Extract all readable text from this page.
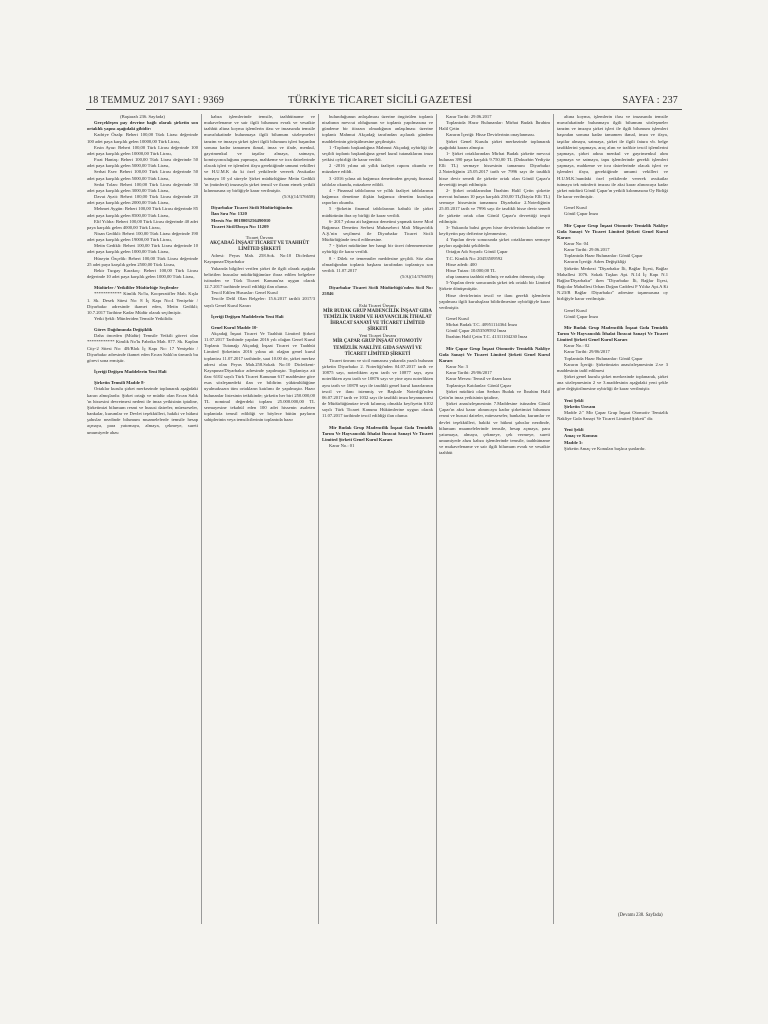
18 TEMMUZ 2017 SAYI : 9369	TÜRKİYE TİCARET SİCİLİ GAZETESİ	SAYFA : 237

(Baştarafı 236. Sayfada)

Gerçekleşen pay devrine bağlı olarak şirketin son ortaklık yapısı aşağıdaki gibidir:

Kadriye Özalp: Beheri 100,00 Türk Lirası değerinde 100 adet paya karşılık gelen 10000,00 Türk Lirası,

Ersin Ayaz: Beheri 100,00 Türk Lirası değerinde 100 adet paya karşılık gelen 10000,00 Türk Lirası,

Fırat Hantaş: Beheri 100,00 Türk Lirası değerinde 50 adet paya karşılık gelen 5000,00 Türk Lirası,

Serhat Eser: Beheri 100,00 Türk Lirası değerinde 50 adet paya karşılık gelen 5000,00 Türk Lirası,

Sedat Tolan: Beheri 100,00 Türk Lirası değerinde 30 adet paya karşılık gelen 3000,00 Türk Lirası,

Davut Ayzit: Beheri 100,00 Türk Lirası değerinde 20 adet paya karşılık gelen 2000,00 Türk Lirası,

Mehmet Aygün: Beheri 100,00 Türk Lirası değerinde 85 adet paya karşılık gelen 8500,00 Türk Lirası,

Elif Yıldız: Beheri 100,00 Türk Lirası değerinde 40 adet paya karşılık gelen 4000,00 Türk Lirası,

Nisan Gedikli: Beheri 100,00 Türk Lirası değerinde 190 adet paya karşılık gelen 19000,00 Türk Lirası,

Metin Gedikli: Beheri 100,00 Türk Lirası değerinde 10 adet paya karşılık gelen 1000,00 Türk Lirası,

Hüseyin Özçelik: Beheri 100,00 Türk Lirası değerinde 25 adet paya karşılık gelen 2500,00 Türk Lirası,

Bekir Turgay Karakoç: Beheri 100,00 Türk Lirası değerinde 10 adet paya karşılık gelen 1000,00 Türk Lirası,

Müdürler / Yetkililer Müdürlüğe Seçilenler

************ Kimlik No'lu, Kooperatifler Mah. Kışla 1. Sk. Desek Sitesi No: 8 İç Kapı No:4 Yenişehir / Diyarbakır adresinde ikamet eden, Metin Gedikli; 10.7.2017 Tarihine Kadar Müdür olarak seçilmiştir.

Yetki Şekli: Münferiden Temsile Yetkilidir.

Görev Dağılımında Değişiklik

Daha önceden (Müdür) Temsile Yetkili görevi olan ************ Kimlik No'lu Fabrika Mah. 877. Sk. Kaplan City-2 Sitesi No: 4B/Blok İç Kapı No: 17 Yenişehir / Diyarbakır adresinde ikamet eden Ercan Salık'ın ünvanlı bu görevi sona ermiştir.

İçeriği Değişen Maddelerin Yeni Hali

Şirketin Temsili Madde 8-

Ortaklar kurulu şirket merkezinde toplanarak aşağıdaki kararı almışlardır. Şirket ortağı ve müdür olan Ercan Salık 'ın hissesini devretmesi nedeni ile imza yetkisinin iptaline, Şirketimizi bilumum resmi ve hususi daireler, müesseseler, bankalar, kurumlar ve Devlet teşekkülleri, hakiki ve hükmi şahıslar nezdinde bilumum muamelelerde temsile hesap açmaya, para yatırmaya, almaya, çekmeye, sureti umumiyede ahzu

kabza işlemlerinde temsile, taahhütname ve mukavelename ve sair ilgili bilumum evrak ve vesaikte taahhüt altına koyma işlemlerin ifası ve imzasında temsile muvafakatinde bulunmaya ilgili bilumum sözleşmeleri tanzim ve imzaya şirket işleri ilgili bilumum işleri başından sonuna kadar tamamen ikmal, imza ve ifade, menkul, gayrimenkul ve taşıtlar almaya, satmaya, komisyonculuğunu yapmaya, mahkeme ve icra dairelerinde olacak işleri ve işlemleri ifaya gerektiğinde umumi vekilleri ve H.U.M.K da ki özel yetkilerde vererek Avukatlar tutmaya 10 yıl süreyle Şirket müdürlüğüne Metin Gedikli 'ın (münferit) imzasıyla şirket temsil ve ilzam etmek yetkili kılınmasına oy birliğiyle karar verilmiştir.

(5/A)(14/376658)

Diyarbakır Ticaret Sicili Müdürlüğünden

İlan Sıra No: 1320

Mersis No: 0018003256490010

Ticaret Sicil/Dosya No: 11209

Ticaret Ünvanı

AKÇADAĞ İNŞAAT TİCARET VE TAAHHÜT LİMİTED ŞİRKETİ

Adresi: Peyas Mah. 258.Sok. No:10 Dicleikent Kayapınar/Diyarbakır

Yukarıda bilgileri verilen şirket ile ilgili olarak aşağıda belirtilen hususlar müdürlüğümüze ibraz edilen belgelere istinaden ve Türk Ticaret Kanunu'na uygun olarak 12.7.2017 tarihinde tescil edildiği ilan olunur.

Tescil Edilen Hususlar: Genel Kurul

Tescile Delil Olan Belgeler: 15.6.2017 tarihli 2017/3 sayılı Genel Kurul Kararı

İçeriği Değişen Maddelerin Yeni Hali

Genel Kurul Madde 10-

Akçadağ İnşaat Ticaret Ve Taahhüt Limited Şirketi 11.07.2017 Tarihinde yapılan 2016 yılı olağan Genel Kurul Toplantı Tutanağı Akçadağ İnşaat Ticaret ve Taahhüt Limited Şirketinin 2016 yılına ait olağan genel kurul toplantısı 11.07.2017 tarihinde, saat 10.00 de, şirket merkez adresi olan Peyas Mah.258.Sokak No:10 Dicleikent-Kayapınar/Diyarbakır adresinde yapılmıştır. Toplantıya ait ilan: 6102 sayılı Türk Ticaret Kanunun 617 maddesine göre esas sözleşmedeki ilan ve bildirim yükümlülüğüne uyulmaksızın tüm ortakların katılımı ile yapılmıştır. Hazır bulunanlar listesinin tetkikinde; şirketin her biri 250.000,00 TL nominal değerdeki toplam 25.000.000,00 TL sermayesine tekabül eden 100 adet hissenin asaleten toplantıda temsil edildiği ve böylece bütün payların sahiplerinin veya temsilcilerinin toplantıda hazır

bulunduğunun anlaşılması üzerine öngörülen toplantı nisabının mevcut olduğunun ve toplantı yapılmasına ve gündeme bir itirazın olmadığının anlaşılması üzerine toplantı Mahmut Akçadağ tarafından açılarak gündem maddelerinin görüşülmesine geçilmiştir.

1 -Toplantı başkanlığına Mahmut Akçadağ oybirliği ile seçildi toplantı başkanlığına genel kurul tutanaklarını imza yetkisi oybirliği ile karar verildi.

2 -2016 yılına ait yıllık faaliyet raporu okundu ve müzakere edildi.

3 -2016 yılına ait bağımsız denetimden geçmiş finansal tablolar okundu, müzakere edildi.

4 - Finansal tablolarına ve yıllık faaliyet tablolarının bağımsız denetime ilişkin bağımsız denetim kuruluşu raporları okundu.

5 -Şirketin finansal tablolarının kabulü ile şirket müdürünün ibra oy birliği ile karar verildi.

6- 2017 yılına ait bağımsız denetimi yapmak üzere Mod Bağımsız Denetim Serbest Muhasebeci Mali Müşavirlik A.Ş.'nin seçilmesi ile Diyarbakır Ticaret Sicili Müdürlüğünde tescil edilmesine.

7 - Şirket müdürüne her hangi bir ücret ödenmemesine oybirliği ile karar verildi.

8 - Dilek ve temenniler meddesine geçildi. Söz alan olmadığından toplantı başkanı tarafından toplantıya son verildi. 11.07.2017

(5/A)(14/376659)

Diyarbakır Ticaret Sicili Müdürlüğü'nden Sicil No: 25846

Eski Ticaret Ünvanı

MİR BUDAK GRUP MADENCİLİK İNŞAAT GIDA TEMİZLİK TARIM VE HAYVANCILIK İTHALAT İHRACAT SANAYİ VE TİCARET LİMİTED ŞİRKETİ

Yeni Ticaret Ünvanı

MİR ÇAPAR GRUP İNŞAAT OTOMOTİV TEMİZLİK NAKLİYE GIDA SANAYİ VE TİCARET LİMİTED ŞİRKETİ

Ticaret ünvanı ve sicil numarası yukarıda yazılı bulunan şirketin Diyarbakır 2. Noterliği'nden 04.07.2017 tarih ve 10875 sayı, noterlikten aynı tarih ve 10877 sayı, aynı noterlikten aynı tarih ve 10876 sayı ve yine aynı noterlikten aynı tarih ve 10878 sayı ile tasdikli genel kurul kararlarının tescil ve ilanı istenmiş ve Başkale Noterliği'nden 06.07.2017 tarih ve 1032 sayı ile tasdikli imza beyannamesi de Müdürlüğümüze tevdi kılınmış olmakla keyfiyetin 6102 sayılı Türk Ticaret Kanunu Hükümlerine uygun olarak 11.07.2017 tarihinde tescil edildiği ilan olunur.

Mir Budak Grup Madencilik İnşaat Gıda Temizlik Tarım Ve Hayvancılık İthalat İhracat Sanayi Ve Ticaret Limited Şirketi Genel Kurul Kararı

Karar No.: 01

Karar Tarihi: 29.06.2017

Toplantıda Hazır Bulunanlar: Mirhat Budak İbrahim Halil Çetin

Kararın İçeriği: Hisse Devirlerinin onaylanması.

Şirket Genel Kurulu şirket merkezinde toplanarak aşağıdaki kararı almıştır.

1- Şirket ortaklarından Mirhat Budak şirkette mevcut bulunan 390 paya karşılık 9.750,00 TL (Dokuzbin Yediyüz Elli TL) sermaye hissesinin tamamını Diyarbakır 2.Noterliğinin 25.05.2017 tarih ve 7996 sayı ile tasdikli hisse devir senedi ile şirkette ortak olan Gönül Çapar'a devrettiği tespit edilmiştir.

2- Şirket ortaklarından İbrahim Halil Çetin şirkette mevcut bulunan 10 paya karşılık 250,00 TL(İkiyüz Elli TL) sermaye hissesinin tamamını Diyarbakır 2.Noterliğinin 25.05.2017 tarih ve 7996 sayı ile tasdikli hisse devir senedi ile şirkette ortak olan Gönül Çapar'a devrettiği tespit edilmiştir.

3- Yukarıda bahsi geçen hisse devirlerinin kabulüne ve keyfiyetin pay defterine işlenmesine,

4 Yapılan devir sonucunda şirket ortaklarının sermaye payları aşağıdaki şekildedir.

Ortağın Adı Soyadı: Gönül Çapar

T.C. Kimlik No: 20453509592

Hisse adedi: 400

Hisse Tutarı: 10.000,00 TL

olup tamamı taahhüt edilmiş ve nakden ödenmiş olup

5-Yapılan devir sonucunda şirket tek ortaklı bir Limited Şirkete dönüşmüştür.

Hisse devirlerinin tescil ve ilanı gerekli işlemlerin yapılması ilgili kuruluşlara bildirilmesine oybirliğiyle karar verilmiştir.

Genel Kurul

Mirhat Budak T.C. 40951114364 İmza

Gönül Çapar 20453509592 İmza

İbrahim Halil Çetin T.C. 41311104230 İmza

Mir Çapar Grup İnşaat Otomotiv Temizlik Nakliye Gıda Sanayi Ve Ticaret Limited Şirketi Genel Kurul Kararı

Karar No: 3

Karar Tarihi: 29/06/2017

Karar Mevzu: Temsil ve ilzam kara

Toplantıya Katılanlar: Gönül Çapar

Şirket müdürü olan Serhan Budak ve İbrahim Halil Çetin'in imza yetkisinin iptaline,

Şirket anasözleşmesinin 7.Maddesine istinaden Gönül Çapar'ın aksi karar alınıncaya kadar şirketimizi bilumum resmi ve hususi daireler, müesseseler, bankalar, kurumlar ve devlet teşekkülleri, hakiki ve hükmi şahıslar nezdinde, bilumum muamelelerinde temsile, hesap açmaya, para yatırmaya, almaya, çekmeye, çek vermeye, sureti umumiyede ahzu kabza işlemlerinde temsile, taahhütname ve mukavelename ve sair ilgili bilumum evrak ve vesaikte taahhüt

altına koyma, işlemlerin ifası ve imzasında temsile muvafakatinde bulunmaya ilgili bilumum sözleşmeler tanzim ve imzaya şirket işleri ile ilgili bilumum işlemleri başından sonuna kadar tamamen ikmal, imza ve ifaya, taşıtlar almaya, satmaya, şirket ile ilgili fatura vb. belge tasdiklerini yapmaya, araç alım ve trafikte tescil işlemlerini yapmaya, şirket adına menkul ve gayrimenkul alım yapmaya ve satmaya, tapu işlemlerinde gerekli işlemleri yapmaya, mahkeme ve icra dairelerinde olacak işleri ve işlemleri ifaya, gerektiğinde umumi vekilleri ve H.U.M.K.'nundaki özel yetkilerde vererek avukatlar tutmaya tek münferit imzası ile aksi karar alınıncaya kadar şirket müdürü Gönül Çapar'ın yetkili kılınmasına Oy Birliği İle karar verilmiştir.

Genel Kurul

Gönül Çapar İmza

Mir Çapar Grup İnşaat Otomotiv Temizlik Nakliye Gıda Sanayi Ve Ticaret Limited Şirketi Genel Kurul Kararı

Karar No: 04

Karar Tarihi: 29.06.2017

Toplantıda Hazır Bulunanlar: Gönül Çapar

Kararın İçeriği: Adres Değişikliği

Şirketin Merkezi "Diyarbakır İli, Bağlar İlçesi, Bağlar Mahallesi 1076. Sokak Taşkın Apt. N.14 İç Kapı N.1 Bağlar/Diyarbakır" iken "Diyarbakır İli, Bağlar İlçesi, Bağcılar Mahallesi Orhan Doğan Caddesi F Yıldız Apt.A Kt N.23/B Bağlar /Diyarbakır" adresine taşınmasına oy birliğiyle karar verilmiştir.

Genel Kurul

Gönül Çapar İmza

Mir Budak Grup Madencilik İnşaat Gıda Temizlik Tarım Ve Hayvancılık İthalat İhracat Sanayi Ve Ticaret Limited Şirketi Genel Kurul Kararı

Karar No.: 02

Karar Tarihi: 29/06/2017

Toplantıda Hazır Bulunanlar: Gönül Çapar

Kararın İçeriği: Şirketimizin anasözleşmesinin 2.ve 3 maddesinin tadil edilmesi

Şirket genel kurulu şirket merkezinde toplanarak, şirket ana sözleşmesinin 2 ve 3.maddesinin aşağıdaki yeni şekle göre değiştirilmesine oybirliği ile karar verilmiştir.

Yeni Şekli

Şirketin Unvanı

Madde 2:" Mir Çapar Grup İnşaat Otomotiv Temizlik Nakliye Gıda Sanayi Ve Ticaret Limited Şirketi" dir.

Yeni Şekli

Amaç ve Konusu

Madde 3:

Şirketin Amaç ve Konuları başlıca şunlardır.

(Devamı 238. Sayfada)
